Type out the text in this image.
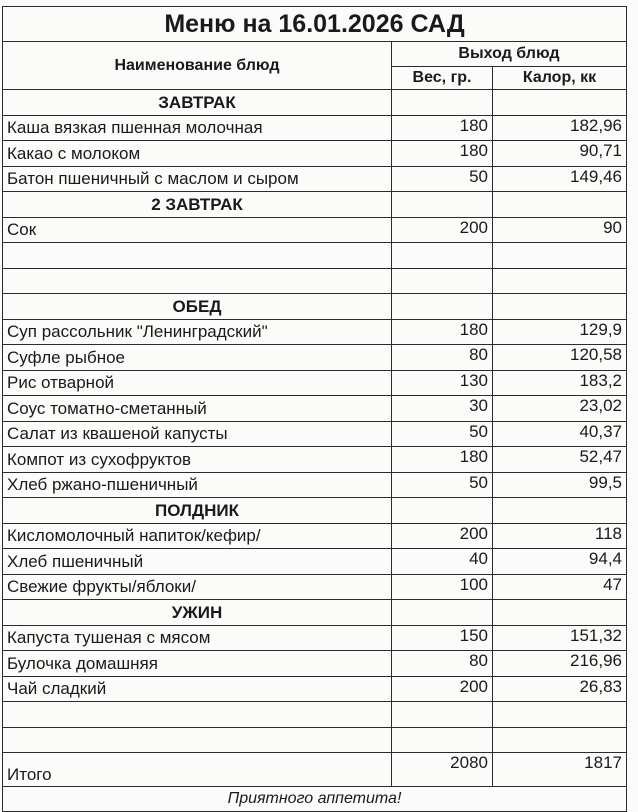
Меню на 16.01.2026 САД		
Наименование блюд	Выход блюд	
	Вес, гр.	Калор, кк
ЗАВТРАК		
Каша вязкая пшенная молочная	180	182,96
Какао с молоком	180	90,71
Батон пшеничный с маслом и сыром	50	149,46
2 ЗАВТРАК		
Сок	200	90

ОБЕД		
Суп рассольник "Ленинградский"	180	129,9
Суфле рыбное	80	120,58
Рис отварной	130	183,2
Соус томатно-сметанный	30	23,02
Салат из квашеной капусты	50	40,37
Компот из сухофруктов	180	52,47
Хлеб ржано-пшеничный	50	99,5
ПОЛДНИК		
Кисломолочный напиток/кефир/	200	118
Хлеб пшеничный	40	94,4
Свежие фрукты/яблоки/	100	47
УЖИН		
Капуста тушеная с мясом	150	151,32
Булочка домашняя	80	216,96
Чай сладкий	200	26,83

Итого	2080	1817
Приятного аппетита!		
